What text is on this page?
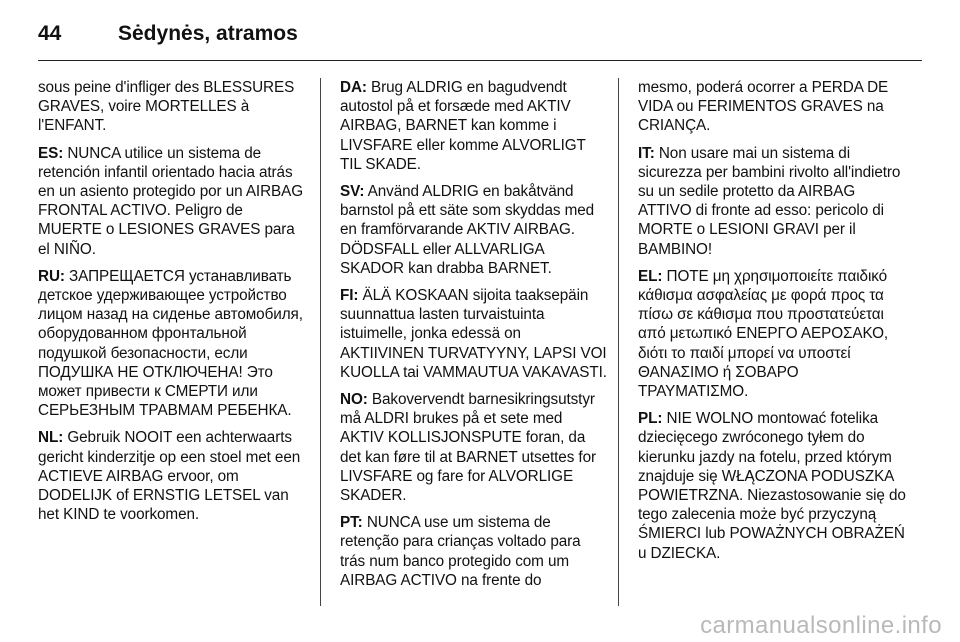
44	Sėdynės, atramos

sous peine d'infliger des BLESSURES GRAVES, voire MORTELLES à l'ENFANT.

ES: NUNCA utilice un sistema de retención infantil orientado hacia atrás en un asiento protegido por un AIRBAG FRONTAL ACTIVO. Peligro de MUERTE o LESIONES GRAVES para el NIÑO.

RU: ЗАПРЕЩАЕТСЯ устанавливать детское удерживающее устройство лицом назад на сиденье автомобиля, оборудованном фронтальной подушкой безопасности, если ПОДУШКА НЕ ОТКЛЮЧЕНА! Это может привести к СМЕРТИ или СЕРЬЕЗНЫМ ТРАВМАМ РЕБЕНКА.

NL: Gebruik NOOIT een achterwaarts gericht kinderzitje op een stoel met een ACTIEVE AIRBAG ervoor, om DODELIJK of ERNSTIG LETSEL van het KIND te voorkomen.

DA: Brug ALDRIG en bagudvendt autostol på et forsæde med AKTIV AIRBAG, BARNET kan komme i LIVSFARE eller komme ALVORLIGT TIL SKADE.

SV: Använd ALDRIG en bakåtvänd barnstol på ett säte som skyddas med en framförvarande AKTIV AIRBAG. DÖDSFALL eller ALLVARLIGA SKADOR kan drabba BARNET.

FI: ÄLÄ KOSKAAN sijoita taaksepäin suunnattua lasten turvaistuinta istuimelle, jonka edessä on AKTIIVINEN TURVATYYNY, LAPSI VOI KUOLLA tai VAMMAUTUA VAKAVASTI.

NO: Bakovervendt barnesikringsutstyr må ALDRI brukes på et sete med AKTIV KOLLISJONSPUTE foran, da det kan føre til at BARNET utsettes for LIVSFARE og fare for ALVORLIGE SKADER.

PT: NUNCA use um sistema de retenção para crianças voltado para trás num banco protegido com um AIRBAG ACTIVO na frente do

mesmo, poderá ocorrer a PERDA DE VIDA ou FERIMENTOS GRAVES na CRIANÇA.

IT: Non usare mai un sistema di sicurezza per bambini rivolto all'indietro su un sedile protetto da AIRBAG ATTIVO di fronte ad esso: pericolo di MORTE o LESIONI GRAVI per il BAMBINO!

EL: ΠΟΤΕ μη χρησιμοποιείτε παιδικό κάθισμα ασφαλείας με φορά προς τα πίσω σε κάθισμα που προστατεύεται από μετωπικό ΕΝΕΡΓΟ ΑΕΡΟΣΑΚΟ, διότι το παιδί μπορεί να υποστεί ΘΑΝΑΣΙΜΟ ή ΣΟΒΑΡΟ ΤΡΑΥΜΑΤΙΣΜΟ.

PL: NIE WOLNO montować fotelika dziecięcego zwróconego tyłem do kierunku jazdy na fotelu, przed którym znajduje się WŁĄCZONA PODUSZKA POWIETRZNA. Niezastosowanie się do tego zalecenia może być przyczyną ŚMIERCI lub POWAŻNYCH OBRAŻEŃ u DZIECKA.

carmanualsonline.info
